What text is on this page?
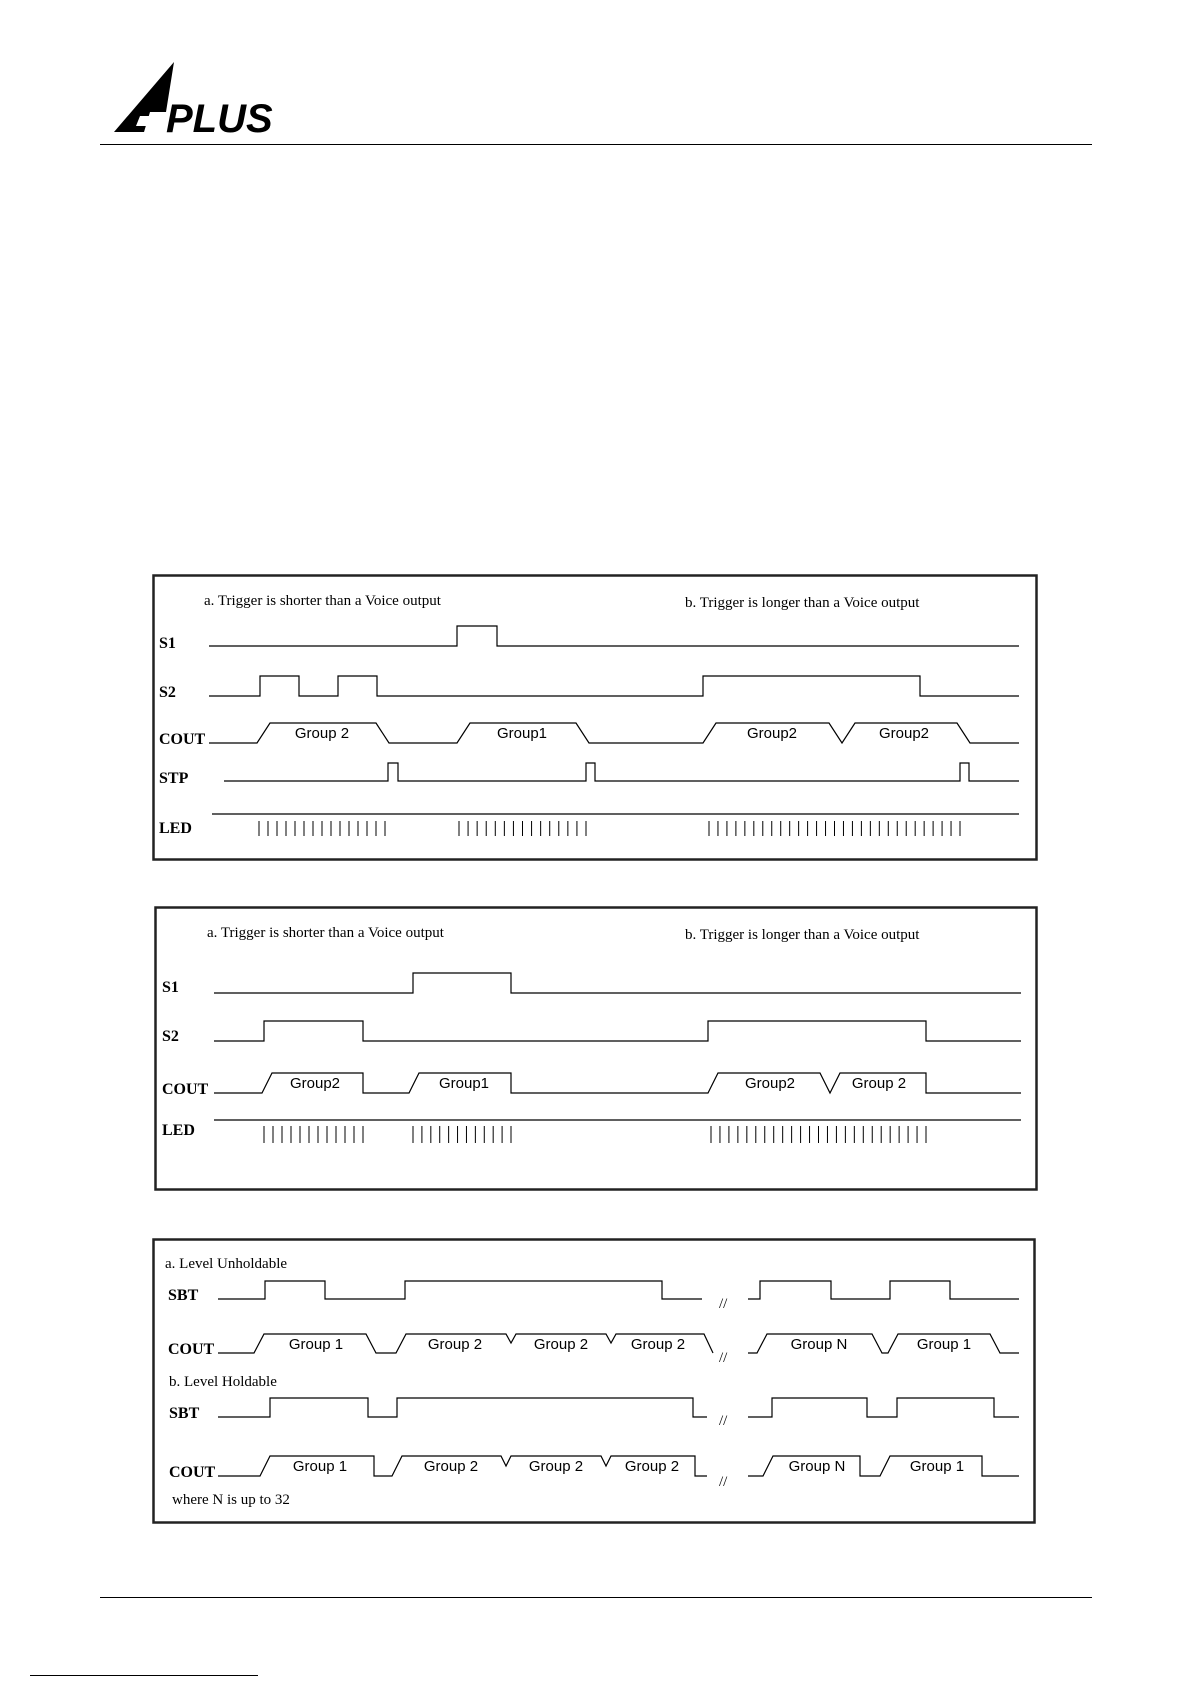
PLUS
a. Trigger is shorter than a Voice output	b. Trigger is longer than a Voice output
S1
S2
COUT	Group 2	Group1	Group2	Group2
STP
LED
a. Trigger is shorter than a Voice output	b. Trigger is longer than a Voice output
S1
S2
COUT	Group2	Group1	Group2	Group 2
LED
a. Level Unholdable
SBT	//
COUT	//
Group 1	Group 2	Group 2	Group 2	Group N	Group 1
b. Level Holdable
SBT	//
COUT
//
Group 1	Group 2	Group 2	Group 2	Group N	Group 1
where N is up to 32
